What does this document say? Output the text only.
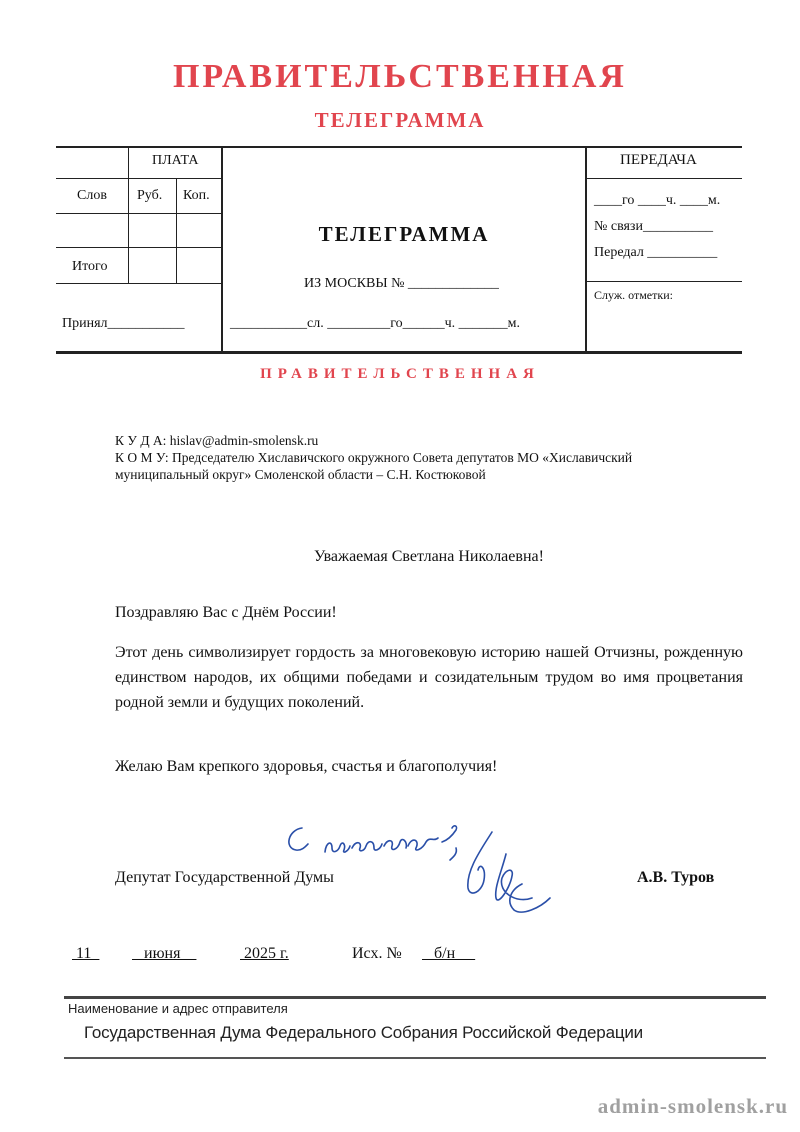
ПРАВИТЕЛЬСТВЕННАЯ
ТЕЛЕГРАММА
ПЛАТА
Слов Руб. Коп.
Итого
Принял___________
ПЕРЕДАЧА
____го ____ч. ____м.
№ связи__________
Передал __________
Служ. отметки:
ТЕЛЕГРАММА
ИЗ МОСКВЫ № _____________
___________сл. _________го______ч. _______м.
ПРАВИТЕЛЬСТВЕННАЯ
К У Д А: hislav@admin-smolensk.ru
К О М У: Председателю Хиславичского окружного Совета депутатов МО «Хиславичский
муниципальный округ» Смоленской области – С.Н. Костюковой
Уважаемая Светлана Николаевна!
Поздравляю Вас с Днём России!
Этот день символизирует гордость за многовековую историю нашей Отчизны, рожденную единством народов, их общими победами и созидательным трудом во имя процветания родной земли и будущих поколений.
Желаю Вам крепкого здоровья, счастья и благополучия!
Депутат Государственной Думы	А.В. Туров
11 июня	2025 г.	Исх. № б/н
Наименование и адрес отправителя
Государственная Дума Федерального Собрания Российской Федерации
admin-smolensk.ru
